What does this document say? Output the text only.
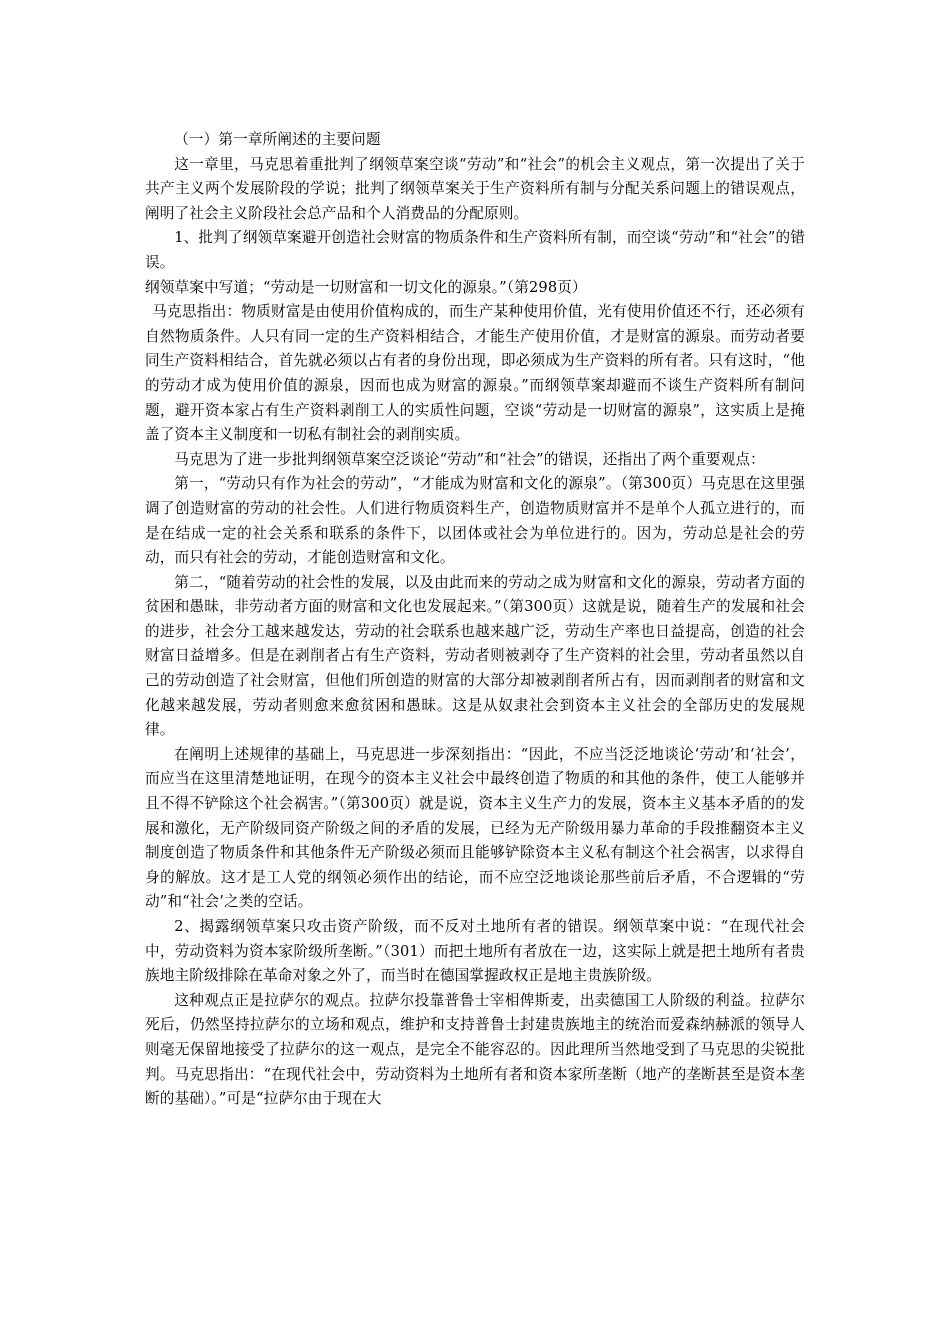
（一）第一章所阐述的主要问题

这一章里，马克思着重批判了纲领草案空谈“劳动”和“社会”的机会主义观点，第一次提出了关于共产主义两个发展阶段的学说；批判了纲领草案关于生产资料所有制与分配关系问题上的错误观点，阐明了社会主义阶段社会总产品和个人消费品的分配原则。

1、批判了纲领草案避开创造社会财富的物质条件和生产资料所有制，而空谈“劳动”和“社会”的错误。

纲领草案中写道；“劳动是一切财富和一切文化的源泉。”（第298页）

马克思指出：物质财富是由使用价值构成的，而生产某种使用价值，光有使用价值还不行，还必须有自然物质条件。人只有同一定的生产资料相结合，才能生产使用价值，才是财富的源泉。而劳动者要同生产资料相结合，首先就必须以占有者的身份出现，即必须成为生产资料的所有者。只有这时，“他的劳动才成为使用价值的源泉，因而也成为财富的源泉。”而纲领草案却避而不谈生产资料所有制问题，避开资本家占有生产资料剥削工人的实质性问题，空谈“劳动是一切财富的源泉”，这实质上是掩盖了资本主义制度和一切私有制社会的剥削实质。

马克思为了进一步批判纲领草案空泛谈论“劳动”和“社会”的错误，还指出了两个重要观点：

第一，“劳动只有作为社会的劳动”，“才能成为财富和文化的源泉”。（第300页）马克思在这里强调了创造财富的劳动的社会性。人们进行物质资料生产，创造物质财富并不是单个人孤立进行的，而是在结成一定的社会关系和联系的条件下，以团体或社会为单位进行的。因为，劳动总是社会的劳动，而只有社会的劳动，才能创造财富和文化。

第二，“随着劳动的社会性的发展，以及由此而来的劳动之成为财富和文化的源泉，劳动者方面的贫困和愚昧，非劳动者方面的财富和文化也发展起来。”（第300页）这就是说，随着生产的发展和社会的进步，社会分工越来越发达，劳动的社会联系也越来越广泛，劳动生产率也日益提高，创造的社会财富日益增多。但是在剥削者占有生产资料，劳动者则被剥夺了生产资料的社会里，劳动者虽然以自己的劳动创造了社会财富，但他们所创造的财富的大部分却被剥削者所占有，因而剥削者的财富和文化越来越发展，劳动者则愈来愈贫困和愚昧。这是从奴隶社会到资本主义社会的全部历史的发展规律。

在阐明上述规律的基础上，马克思进一步深刻指出：“因此，不应当泛泛地谈论‘劳动’和‘社会’，而应当在这里清楚地证明，在现今的资本主义社会中最终创造了物质的和其他的条件，使工人能够并且不得不铲除这个社会祸害。”（第300页）就是说，资本主义生产力的发展，资本主义基本矛盾的的发展和激化，无产阶级同资产阶级之间的矛盾的发展，已经为无产阶级用暴力革命的手段推翻资本主义制度创造了物质条件和其他条件无产阶级必须而且能够铲除资本主义私有制这个社会祸害，以求得自身的解放。这才是工人党的纲领必须作出的结论，而不应空泛地谈论那些前后矛盾，不合逻辑的“劳动”和“社会’之类的空话。

2、揭露纲领草案只攻击资产阶级，而不反对土地所有者的错误。纲领草案中说：“在现代社会中，劳动资料为资本家阶级所垄断。”（301）而把土地所有者放在一边，这实际上就是把土地所有者贵族地主阶级排除在革命对象之外了，而当时在德国掌握政权正是地主贵族阶级。

这种观点正是拉萨尔的观点。拉萨尔投靠普鲁士宰相俾斯麦，出卖德国工人阶级的利益。拉萨尔死后，仍然坚持拉萨尔的立场和观点，维护和支持普鲁士封建贵族地主的统治而爱森纳赫派的领导人则毫无保留地接受了拉萨尔的这一观点，是完全不能容忍的。因此理所当然地受到了马克思的尖锐批判。马克思指出：“在现代社会中，劳动资料为土地所有者和资本家所垄断（地产的垄断甚至是资本垄断的基础）。”可是“拉萨尔由于现在大
